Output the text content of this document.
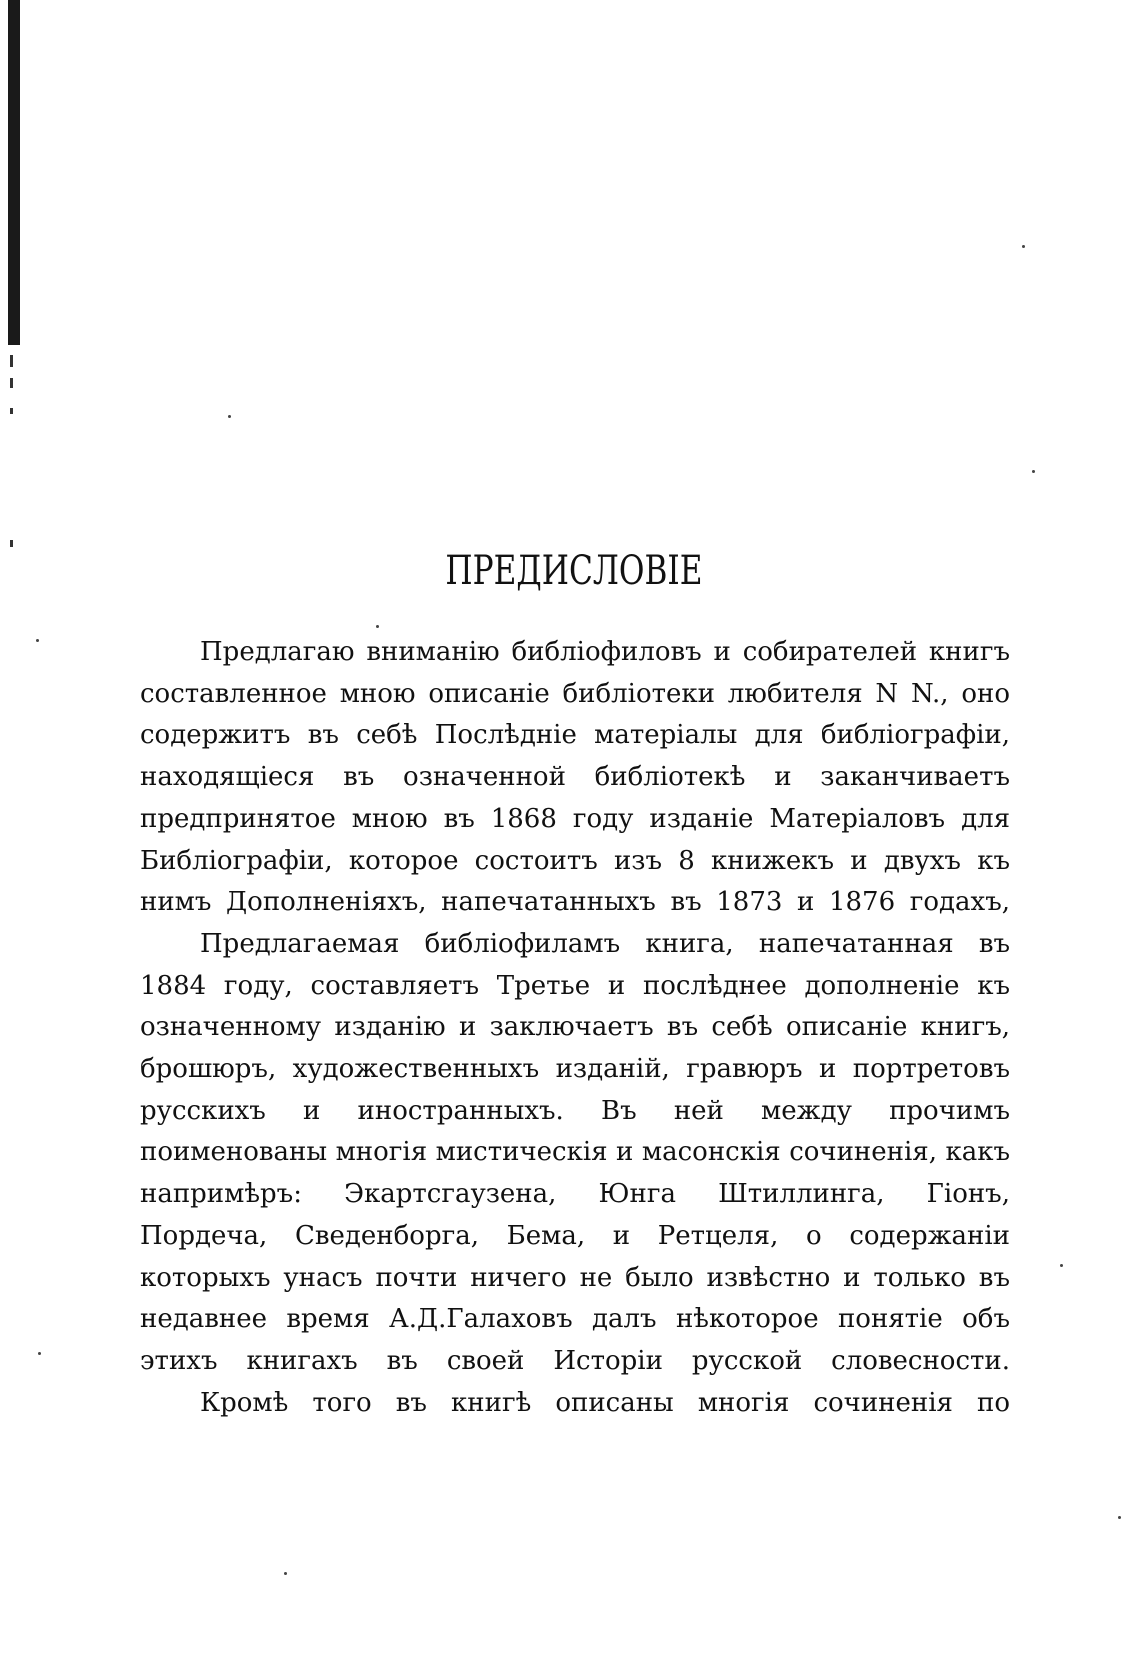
ПРЕДИСЛОВІЕ

Предлагаю вниманію библіофиловъ и собирателей книгъ составленное мною описаніе библіотеки любителя N N., оно содержитъ въ себѣ Послѣдніе матеріалы для библіографіи, находящіеся въ означенной библіотекѣ и заканчиваетъ предпринятое мною въ 1868 году изданіе Матеріаловъ для Библіографіи, которое состоитъ изъ 8 книжекъ и двухъ къ нимъ Дополненіяхъ, напечатанныхъ въ 1873 и 1876 годахъ,

Предлагаемая библіофиламъ книга, напечатанная въ 1884 году, составляетъ Третье и послѣднее дополненіе къ означенному изданію и заключаетъ въ себѣ описаніе книгъ, брошюръ, художественныхъ изданій, гравюръ и портретовъ русскихъ и иностранныхъ. Въ ней между прочимъ поименованы многія мистическія и масонскія сочиненія, какъ напримѣръ: Экартсгаузена, Юнга Штиллинга, Гіонъ, Пордеча, Сведенборга, Бема, и Ретцеля, о содержаніи которыхъ унасъ почти ничего не было извѣстно и только въ недавнее время А.Д.Галаховъ далъ нѣкоторое понятіе объ этихъ книгахъ въ своей Исторіи русской словесности.

Кромѣ того въ книгѣ описаны многія сочиненія по
